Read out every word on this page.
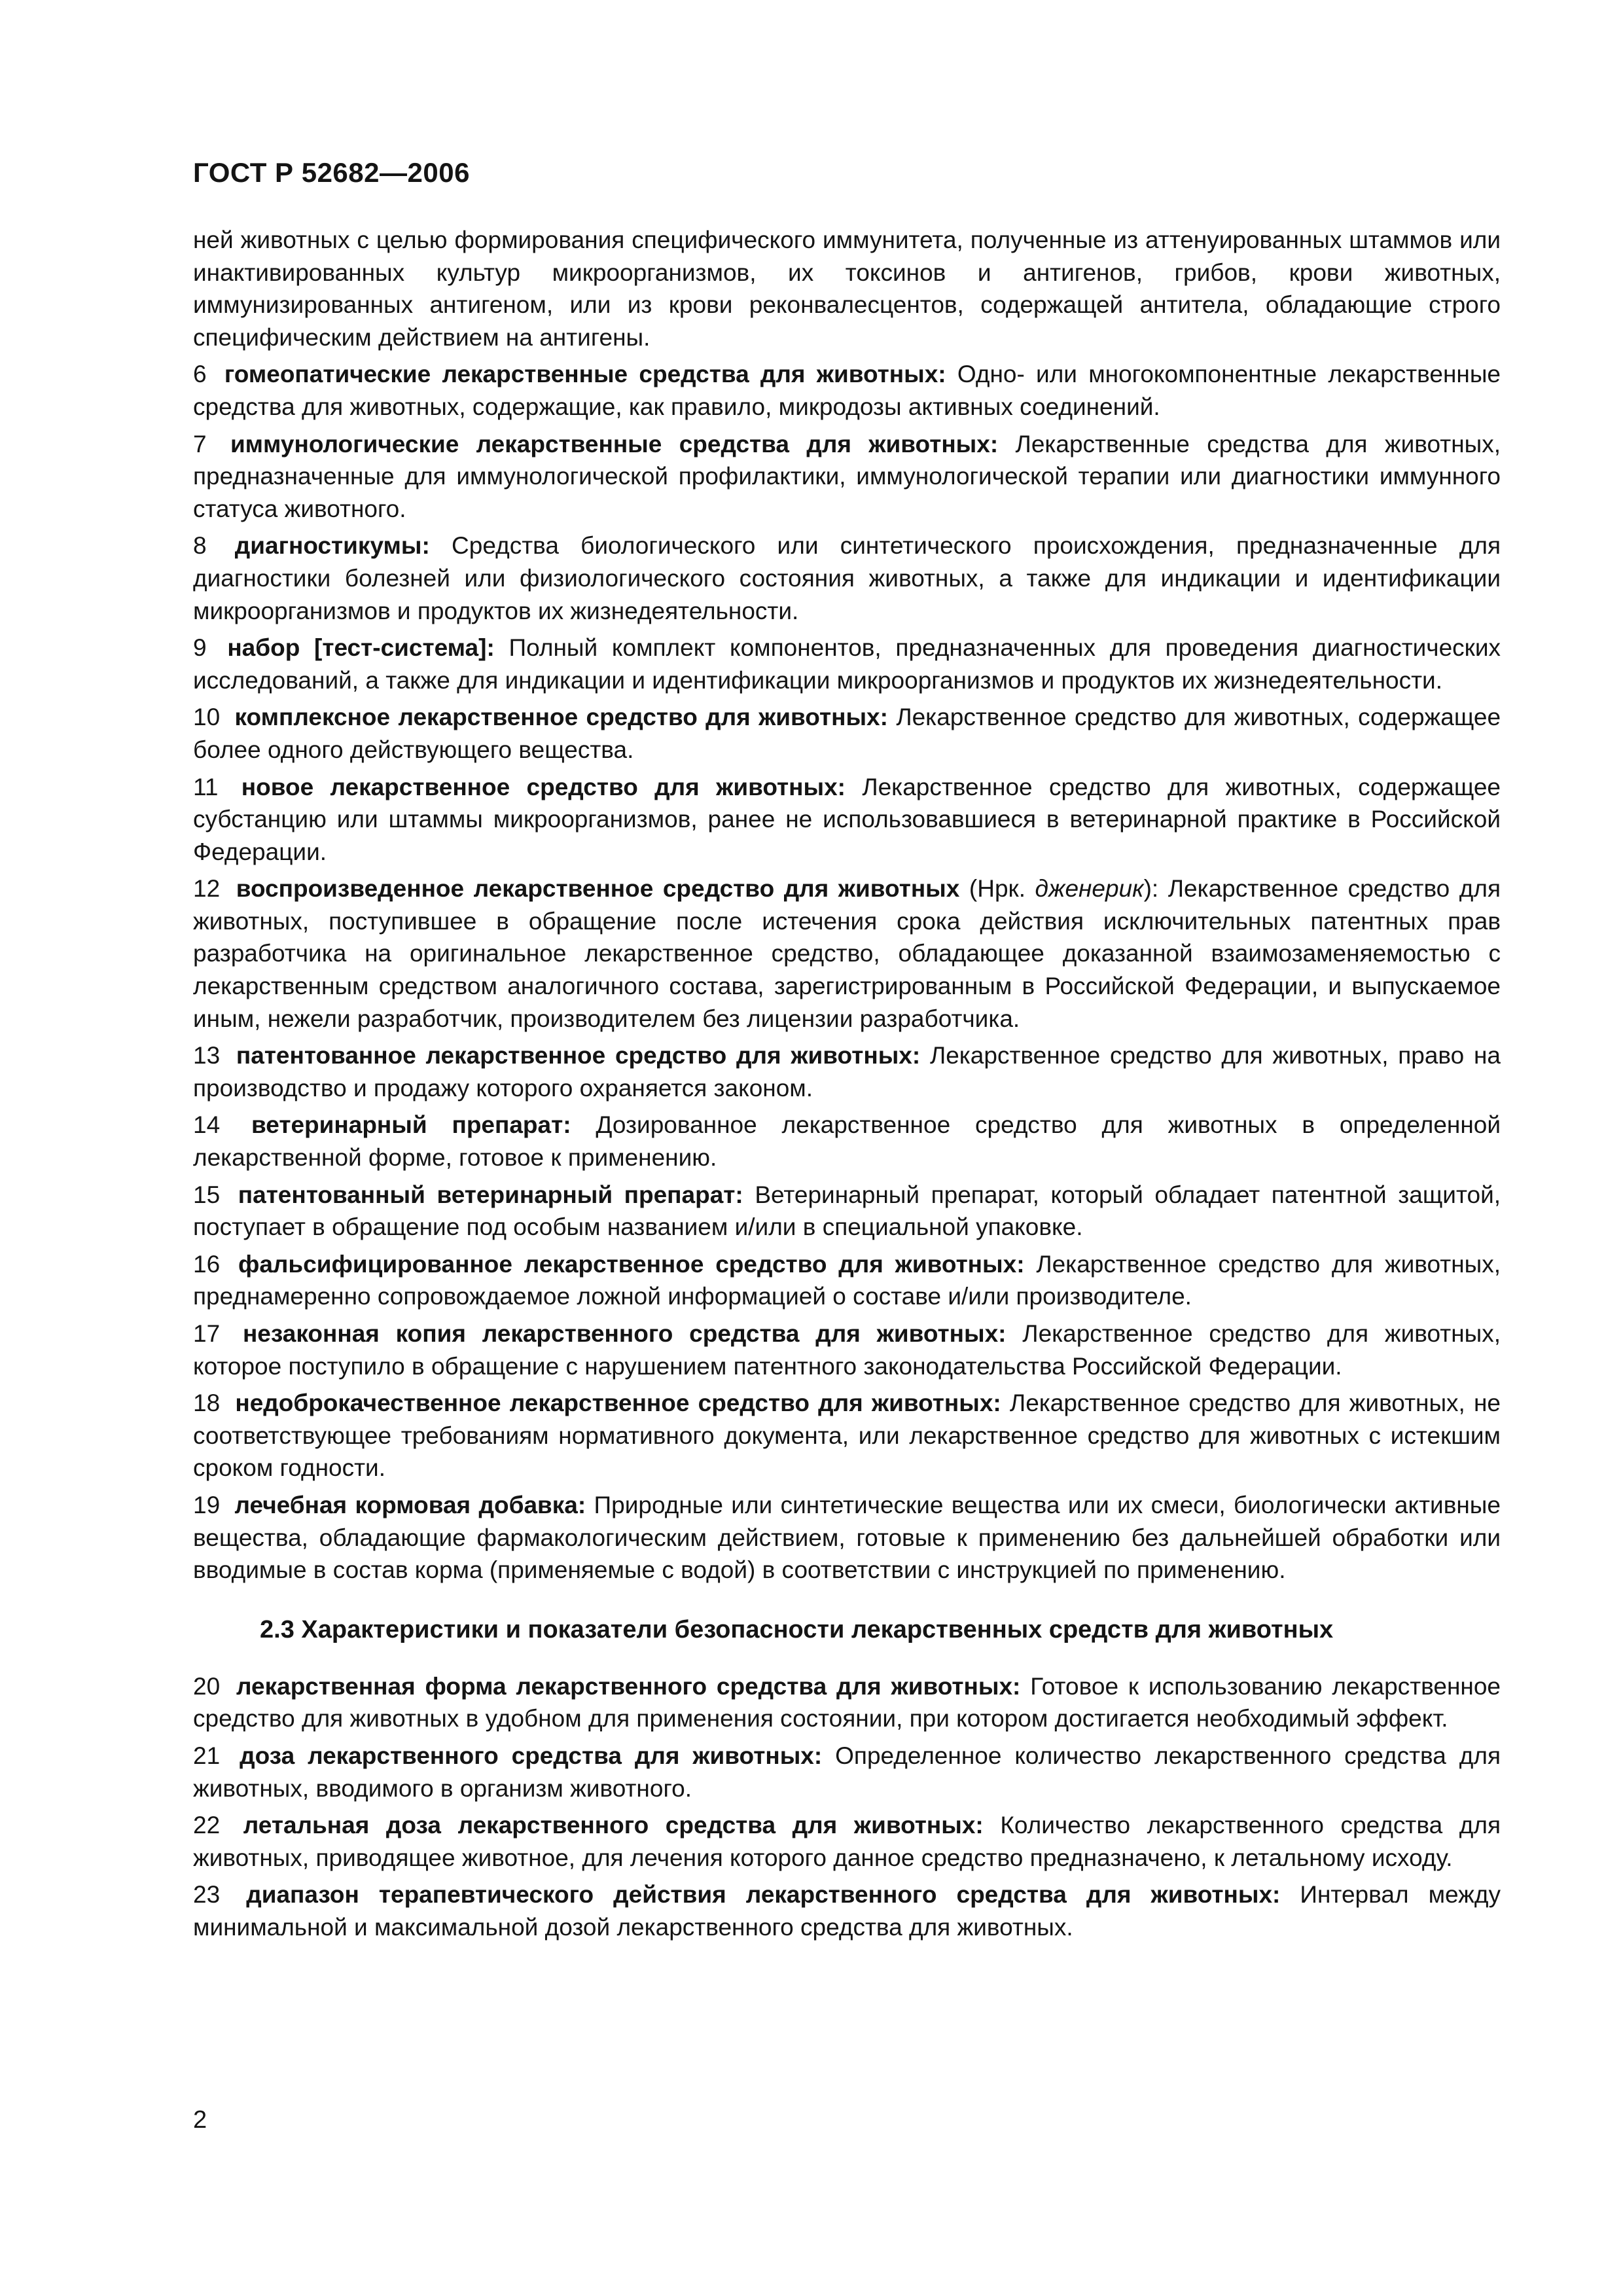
ГОСТ Р 52682—2006

ней животных с целью формирования специфического иммунитета, полученные из аттенуированных штаммов или инактивированных культур микроорганизмов, их токсинов и антигенов, грибов, крови животных, иммунизированных антигеном, или из крови реконвалесцентов, содержащей антитела, обладающие строго специфическим действием на антигены.

6 гомеопатические лекарственные средства для животных: Одно- или многокомпонентные лекарственные средства для животных, содержащие, как правило, микродозы активных соединений.

7 иммунологические лекарственные средства для животных: Лекарственные средства для животных, предназначенные для иммунологической профилактики, иммунологической терапии или диагностики иммунного статуса животного.

8 диагностикумы: Средства биологического или синтетического происхождения, предназначенные для диагностики болезней или физиологического состояния животных, а также для индикации и идентификации микроорганизмов и продуктов их жизнедеятельности.

9 набор [тест-система]: Полный комплект компонентов, предназначенных для проведения диагностических исследований, а также для индикации и идентификации микроорганизмов и продуктов их жизнедеятельности.

10 комплексное лекарственное средство для животных: Лекарственное средство для животных, содержащее более одного действующего вещества.

11 новое лекарственное средство для животных: Лекарственное средство для животных, содержащее субстанцию или штаммы микроорганизмов, ранее не использовавшиеся в ветеринарной практике в Российской Федерации.

12 воспроизведенное лекарственное средство для животных (Нрк. дженерик): Лекарственное средство для животных, поступившее в обращение после истечения срока действия исключительных патентных прав разработчика на оригинальное лекарственное средство, обладающее доказанной взаимозаменяемостью с лекарственным средством аналогичного состава, зарегистрированным в Российской Федерации, и выпускаемое иным, нежели разработчик, производителем без лицензии разработчика.

13 патентованное лекарственное средство для животных: Лекарственное средство для животных, право на производство и продажу которого охраняется законом.

14 ветеринарный препарат: Дозированное лекарственное средство для животных в определенной лекарственной форме, готовое к применению.

15 патентованный ветеринарный препарат: Ветеринарный препарат, который обладает патентной защитой, поступает в обращение под особым названием и/или в специальной упаковке.

16 фальсифицированное лекарственное средство для животных: Лекарственное средство для животных, преднамеренно сопровождаемое ложной информацией о составе и/или производителе.

17 незаконная копия лекарственного средства для животных: Лекарственное средство для животных, которое поступило в обращение с нарушением патентного законодательства Российской Федерации.

18 недоброкачественное лекарственное средство для животных: Лекарственное средство для животных, не соответствующее требованиям нормативного документа, или лекарственное средство для животных с истекшим сроком годности.

19 лечебная кормовая добавка: Природные или синтетические вещества или их смеси, биологически активные вещества, обладающие фармакологическим действием, готовые к применению без дальнейшей обработки или вводимые в состав корма (применяемые с водой) в соответствии с инструкцией по применению.

2.3 Характеристики и показатели безопасности лекарственных средств для животных

20 лекарственная форма лекарственного средства для животных: Готовое к использованию лекарственное средство для животных в удобном для применения состоянии, при котором достигается необходимый эффект.

21 доза лекарственного средства для животных: Определенное количество лекарственного средства для животных, вводимого в организм животного.

22 летальная доза лекарственного средства для животных: Количество лекарственного средства для животных, приводящее животное, для лечения которого данное средство предназначено, к летальному исходу.

23 диапазон терапевтического действия лекарственного средства для животных: Интервал между минимальной и максимальной дозой лекарственного средства для животных.

2
